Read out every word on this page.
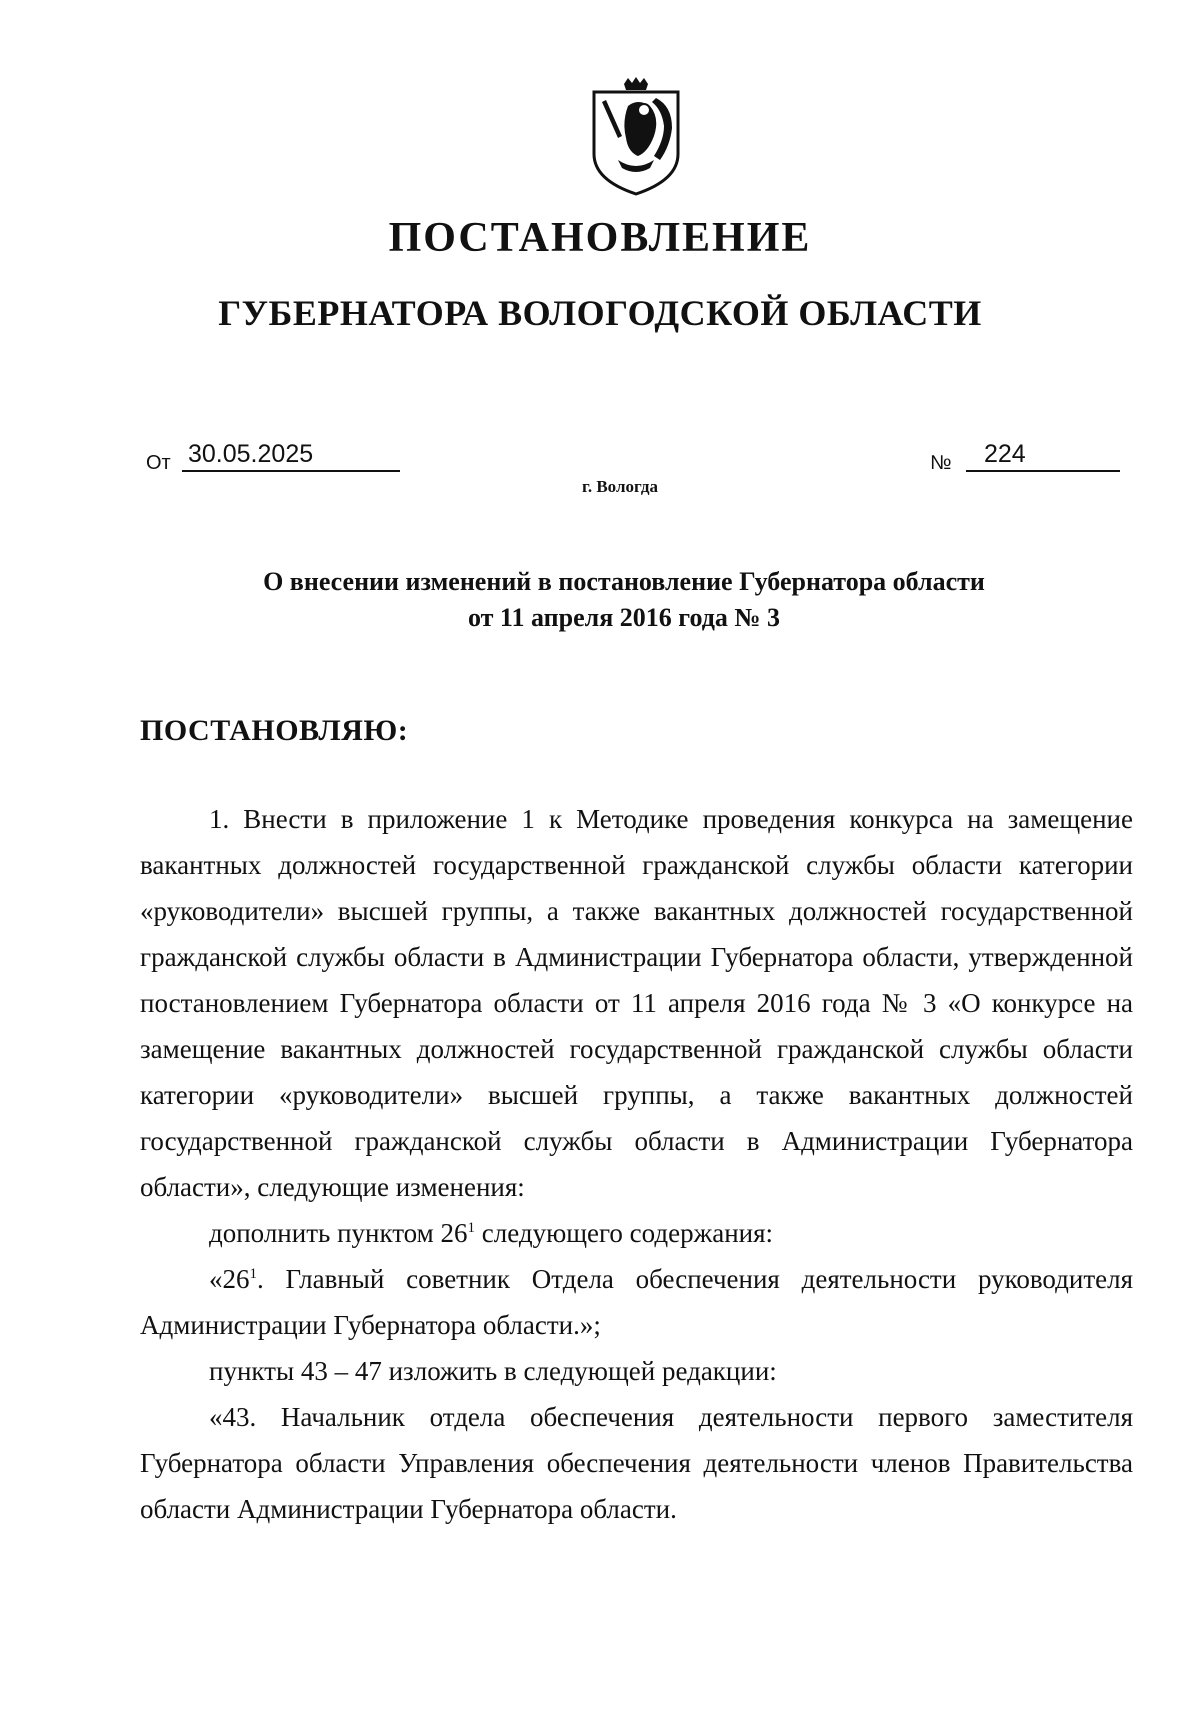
ПОСТАНОВЛЕНИЕ
ГУБЕРНАТОРА ВОЛОГОДСКОЙ ОБЛАСТИ
От 30.05.2025	№	224
г. Вологда
О внесении изменений в постановление Губернатора области
от 11 апреля 2016 года № 3
ПОСТАНОВЛЯЮ:

1. Внести в приложение 1 к Методике проведения конкурса на замещение вакантных должностей государственной гражданской службы области категории «руководители» высшей группы, а также вакантных должностей государственной гражданской службы области в Администрации Губернатора области, утвержденной постановлением Губернатора области от 11 апреля 2016 года № 3 «О конкурсе на замещение вакантных должностей государственной гражданской службы области категории «руководители» высшей группы, а также вакантных должностей государственной гражданской службы области в Администрации Губернатора области», следующие изменения:

дополнить пунктом $26^1$ следующего содержания:

«$26^1$. Главный советник Отдела обеспечения деятельности руководителя Администрации Губернатора области.»;

пункты 43 – 47 изложить в следующей редакции:

«43. Начальник отдела обеспечения деятельности первого заместителя Губернатора области Управления обеспечения деятельности членов Правительства области Администрации Губернатора области.
